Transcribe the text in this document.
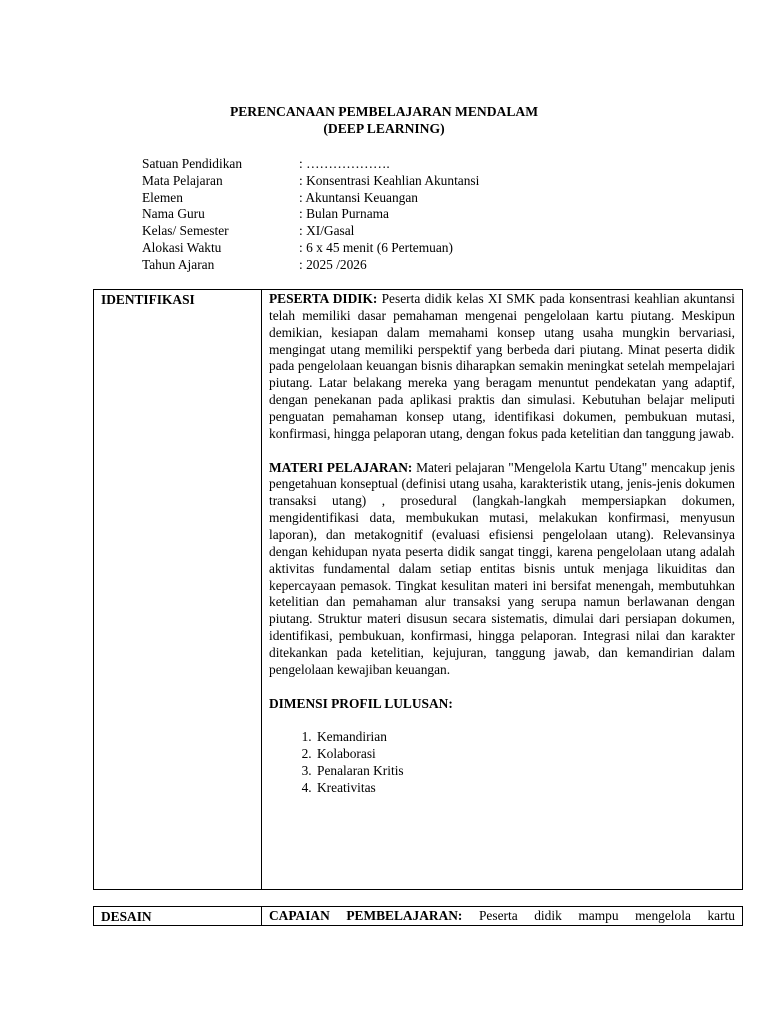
PERENCANAAN PEMBELAJARAN MENDALAM
(DEEP LEARNING)
Satuan Pendidikan	: ……………….
Mata Pelajaran	: Konsentrasi Keahlian Akuntansi
Elemen	: Akuntansi Keuangan
Nama Guru	: Bulan Purnama
Kelas/ Semester	: XI/Gasal
Alokasi Waktu	: 6 x 45 menit (6 Pertemuan)
Tahun Ajaran	: 2025 /2026
IDENTIFIKASI	PESERTA DIDIK: Peserta didik kelas XI SMK pada konsentrasi keahlian akuntansi telah memiliki dasar pemahaman mengenai pengelolaan kartu piutang. Meskipun demikian, kesiapan dalam memahami konsep utang usaha mungkin bervariasi, mengingat utang memiliki perspektif yang berbeda dari piutang. Minat peserta didik pada pengelolaan keuangan bisnis diharapkan semakin meningkat setelah mempelajari piutang. Latar belakang mereka yang beragam menuntut pendekatan yang adaptif, dengan penekanan pada aplikasi praktis dan simulasi. Kebutuhan belajar meliputi penguatan pemahaman konsep utang, identifikasi dokumen, pembukuan mutasi, konfirmasi, hingga pelaporan utang, dengan fokus pada ketelitian dan tanggung jawab.

MATERI PELAJARAN: Materi pelajaran "Mengelola Kartu Utang" mencakup jenis pengetahuan konseptual (definisi utang usaha, karakteristik utang, jenis-jenis dokumen transaksi utang) , prosedural (langkah-langkah mempersiapkan dokumen, mengidentifikasi data, membukukan mutasi, melakukan konfirmasi, menyusun laporan), dan metakognitif (evaluasi efisiensi pengelolaan utang). Relevansinya dengan kehidupan nyata peserta didik sangat tinggi, karena pengelolaan utang adalah aktivitas fundamental dalam setiap entitas bisnis untuk menjaga likuiditas dan kepercayaan pemasok. Tingkat kesulitan materi ini bersifat menengah, membutuhkan ketelitian dan pemahaman alur transaksi yang serupa namun berlawanan dengan piutang. Struktur materi disusun secara sistematis, dimulai dari persiapan dokumen, identifikasi, pembukuan, konfirmasi, hingga pelaporan. Integrasi nilai dan karakter ditekankan pada ketelitian, kejujuran, tanggung jawab, dan kemandirian dalam pengelolaan kewajiban keuangan.

DIMENSI PROFIL LULUSAN:

1. Kemandirian
2. Kolaborasi
3. Penalaran Kritis
4. Kreativitas
DESAIN	CAPAIAN PEMBELAJARAN: Peserta didik mampu mengelola kartu
